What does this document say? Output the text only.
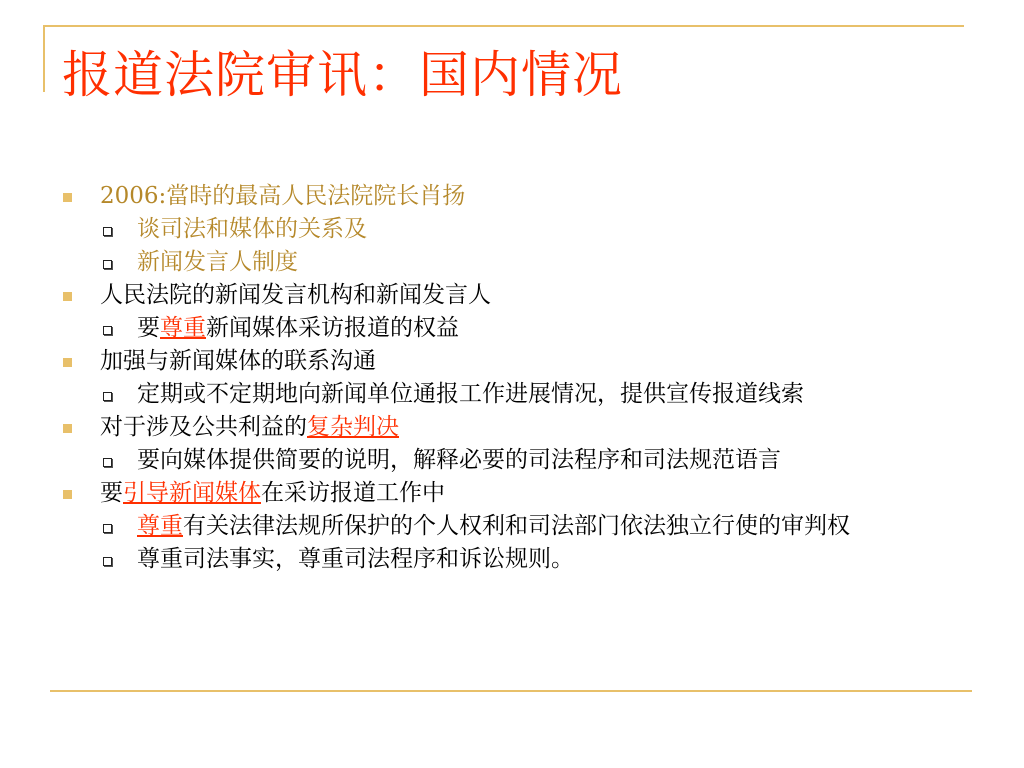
报道法院审讯：国内情况
2006:當時的最高人民法院院长肖扬
谈司法和媒体的关系及
新闻发言人制度
人民法院的新闻发言机构和新闻发言人
要尊重新闻媒体采访报道的权益
加强与新闻媒体的联系沟通
定期或不定期地向新闻单位通报工作进展情况，提供宣传报道线索
对于涉及公共利益的复杂判决
要向媒体提供简要的说明，解释必要的司法程序和司法规范语言
要引导新闻媒体在采访报道工作中
尊重有关法律法规所保护的个人权利和司法部门依法独立行使的审判权
尊重司法事实，尊重司法程序和诉讼规则。
